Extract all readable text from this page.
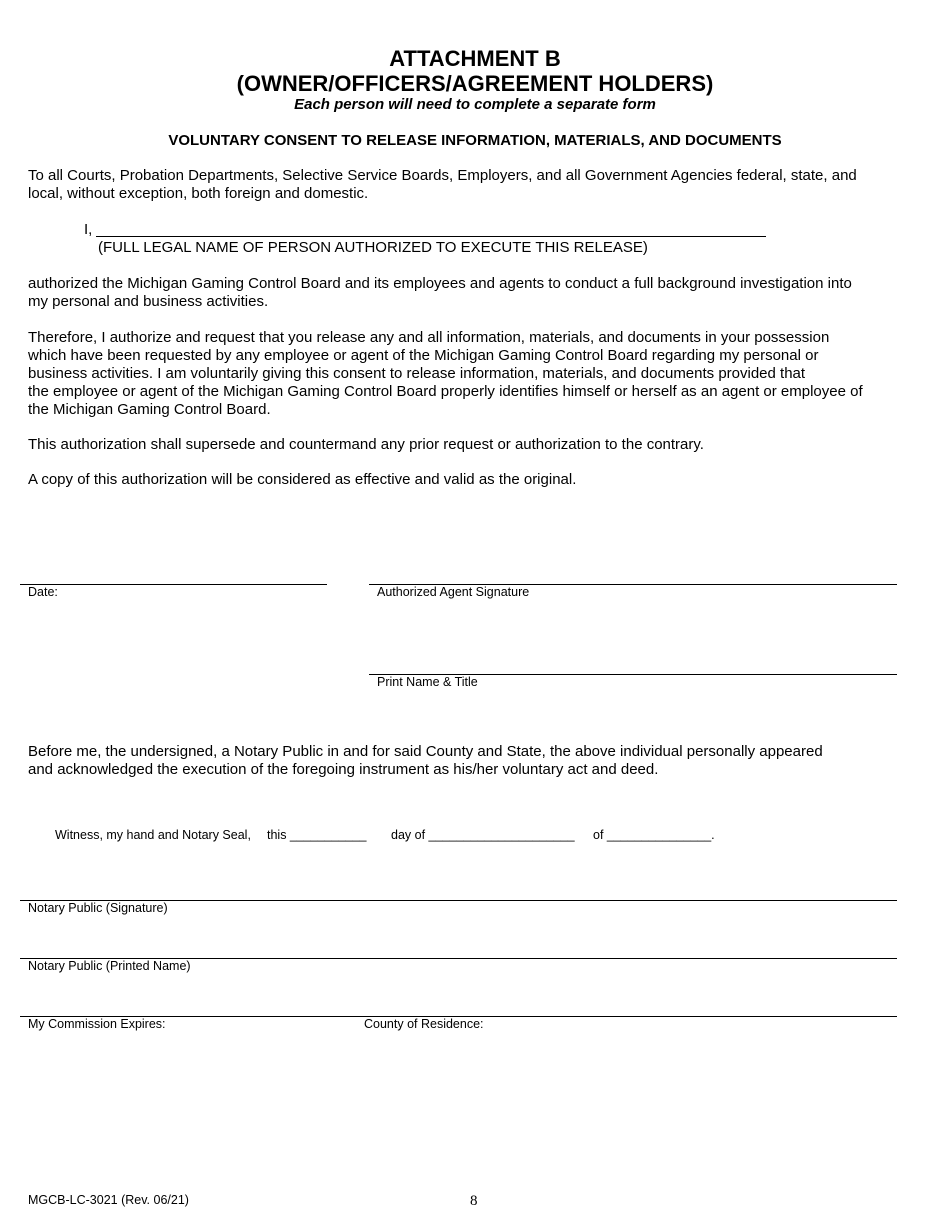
ATTACHMENT B
(OWNER/OFFICERS/AGREEMENT HOLDERS)
Each person will need to complete a separate form
VOLUNTARY CONSENT TO RELEASE INFORMATION, MATERIALS, AND DOCUMENTS
To all Courts, Probation Departments, Selective Service Boards, Employers, and all Government Agencies federal, state, and
local, without exception, both foreign and domestic.
I,
(FULL LEGAL NAME OF PERSON AUTHORIZED TO EXECUTE THIS RELEASE)
authorized the Michigan Gaming Control Board and its employees and agents to conduct a full background investigation into
my personal and business activities.
Therefore, I authorize and request that you release any and all information, materials, and documents in your possession
which have been requested by any employee or agent of the Michigan Gaming Control Board regarding my personal or
business activities. I am voluntarily giving this consent to release information, materials, and documents provided that
the employee or agent of the Michigan Gaming Control Board properly identifies himself or herself as an agent or employee of
the Michigan Gaming Control Board.
This authorization shall supersede and countermand any prior request or authorization to the contrary.
A copy of this authorization will be considered as effective and valid as the original.
Date:	Authorized Agent Signature
Print Name & Title
Before me, the undersigned, a Notary Public in and for said County and State, the above individual personally appeared
and acknowledged the execution of the foregoing instrument as his/her voluntary act and deed.
Witness, my hand and Notary Seal, this ___________ day of _____________________ of _______________.
Notary Public (Signature)
Notary Public (Printed Name)
My Commission Expires:	County of Residence:
MGCB-LC-3021 (Rev. 06/21)	8
